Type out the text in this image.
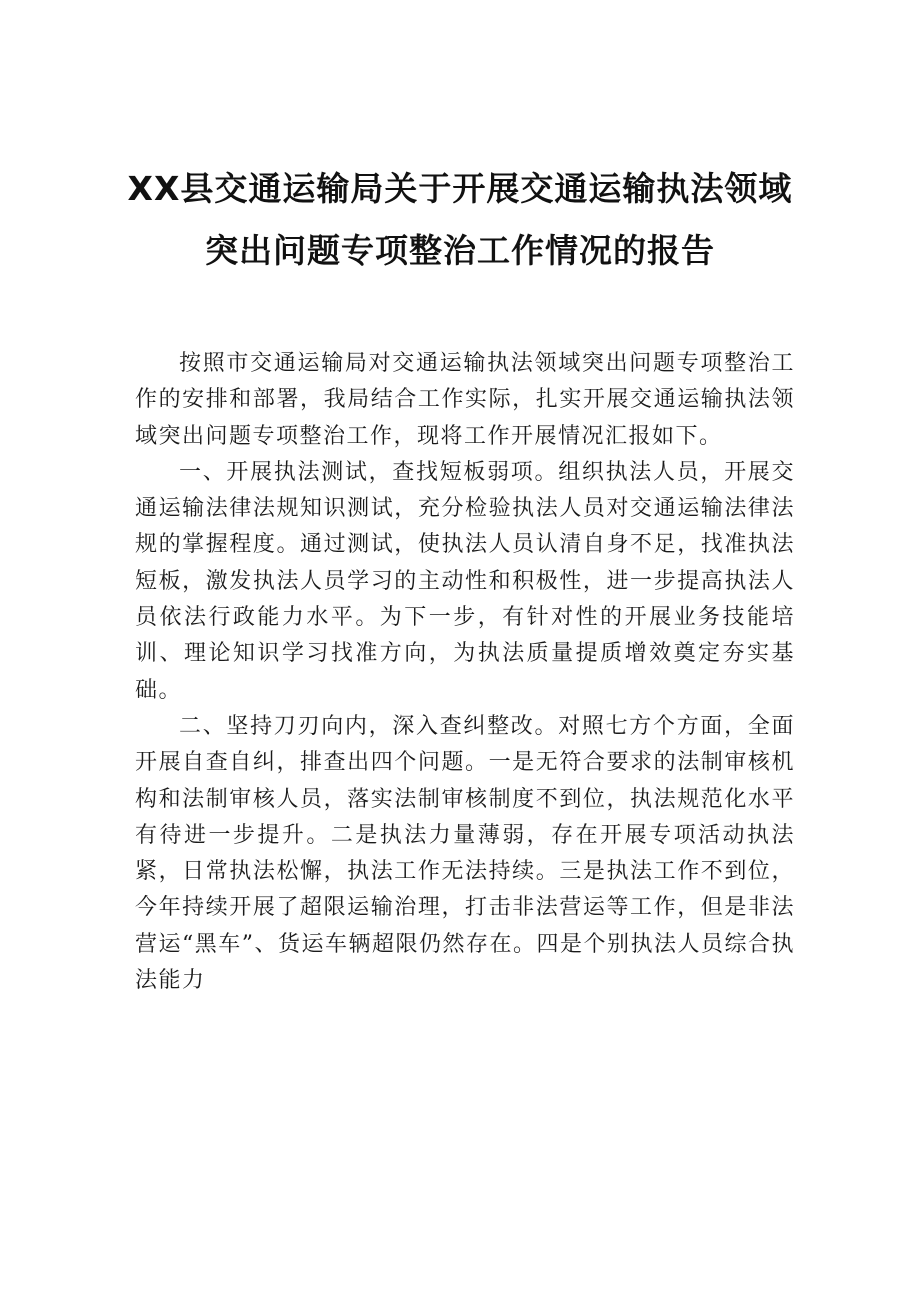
XX县交通运输局关于开展交通运输执法领域
突出问题专项整治工作情况的报告

按照市交通运输局对交通运输执法领域突出问题专项整治工作的安排和部署，我局结合工作实际，扎实开展交通运输执法领域突出问题专项整治工作，现将工作开展情况汇报如下。

一、开展执法测试，查找短板弱项。组织执法人员，开展交通运输法律法规知识测试，充分检验执法人员对交通运输法律法规的掌握程度。通过测试，使执法人员认清自身不足，找准执法短板，激发执法人员学习的主动性和积极性，进一步提高执法人员依法行政能力水平。为下一步，有针对性的开展业务技能培训、理论知识学习找准方向，为执法质量提质增效奠定夯实基础。

二、坚持刀刃向内，深入查纠整改。对照七方个方面，全面开展自查自纠，排查出四个问题。一是无符合要求的法制审核机构和法制审核人员，落实法制审核制度不到位，执法规范化水平有待进一步提升。二是执法力量薄弱，存在开展专项活动执法紧，日常执法松懈，执法工作无法持续。三是执法工作不到位，今年持续开展了超限运输治理，打击非法营运等工作，但是非法营运“黑车”、货运车辆超限仍然存在。四是个别执法人员综合执法能力
